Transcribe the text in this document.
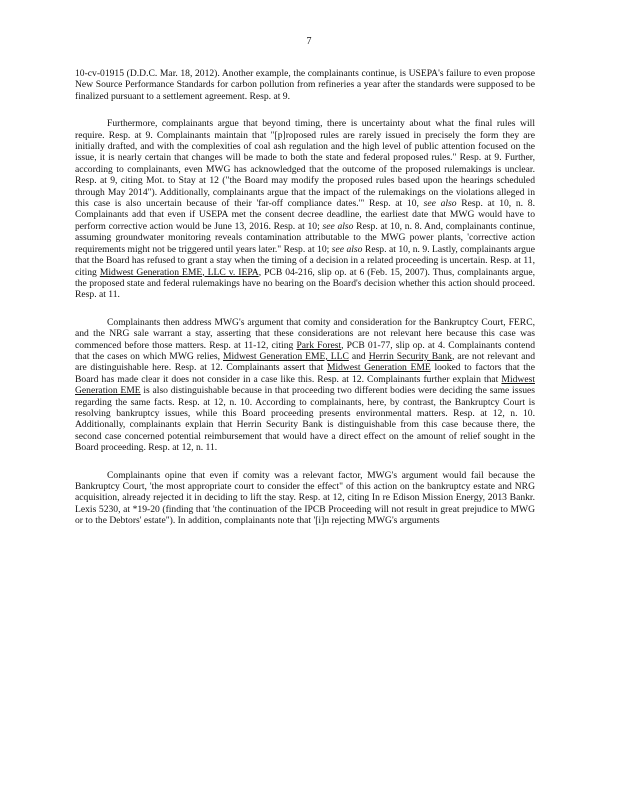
7

10-cv-01915 (D.D.C. Mar. 18, 2012). Another example, the complainants continue, is USEPA's failure to even propose New Source Performance Standards for carbon pollution from refineries a year after the standards were supposed to be finalized pursuant to a settlement agreement. Resp. at 9.

Furthermore, complainants argue that beyond timing, there is uncertainty about what the final rules will require. Resp. at 9. Complainants maintain that "[p]roposed rules are rarely issued in precisely the form they are initially drafted, and with the complexities of coal ash regulation and the high level of public attention focused on the issue, it is nearly certain that changes will be made to both the state and federal proposed rules." Resp. at 9. Further, according to complainants, even MWG has acknowledged that the outcome of the proposed rulemakings is unclear. Resp. at 9, citing Mot. to Stay at 12 ("the Board may modify the proposed rules based upon the hearings scheduled through May 2014"). Additionally, complainants argue that the impact of the rulemakings on the violations alleged in this case is also uncertain because of their 'far-off compliance dates.'" Resp. at 10, see also Resp. at 10, n. 8. Complainants add that even if USEPA met the consent decree deadline, the earliest date that MWG would have to perform corrective action would be June 13, 2016. Resp. at 10; see also Resp. at 10, n. 8. And, complainants continue, assuming groundwater monitoring reveals contamination attributable to the MWG power plants, 'corrective action requirements might not be triggered until years later." Resp. at 10; see also Resp. at 10, n. 9. Lastly, complainants argue that the Board has refused to grant a stay when the timing of a decision in a related proceeding is uncertain. Resp. at 11, citing Midwest Generation EME, LLC v. IEPA, PCB 04-216, slip op. at 6 (Feb. 15, 2007). Thus, complainants argue, the proposed state and federal rulemakings have no bearing on the Board's decision whether this action should proceed. Resp. at 11.

Complainants then address MWG's argument that comity and consideration for the Bankruptcy Court, FERC, and the NRG sale warrant a stay, asserting that these considerations are not relevant here because this case was commenced before those matters. Resp. at 11-12, citing Park Forest, PCB 01-77, slip op. at 4. Complainants contend that the cases on which MWG relies, Midwest Generation EME, LLC and Herrin Security Bank, are not relevant and are distinguishable here. Resp. at 12. Complainants assert that Midwest Generation EME looked to factors that the Board has made clear it does not consider in a case like this. Resp. at 12. Complainants further explain that Midwest Generation EME is also distinguishable because in that proceeding two different bodies were deciding the same issues regarding the same facts. Resp. at 12, n. 10. According to complainants, here, by contrast, the Bankruptcy Court is resolving bankruptcy issues, while this Board proceeding presents environmental matters. Resp. at 12, n. 10. Additionally, complainants explain that Herrin Security Bank is distinguishable from this case because there, the second case concerned potential reimbursement that would have a direct effect on the amount of relief sought in the Board proceeding. Resp. at 12, n. 11.

Complainants opine that even if comity was a relevant factor, MWG's argument would fail because the Bankruptcy Court, 'the most appropriate court to consider the effect" of this action on the bankruptcy estate and NRG acquisition, already rejected it in deciding to lift the stay. Resp. at 12, citing In re Edison Mission Energy, 2013 Bankr. Lexis 5230, at *19-20 (finding that 'the continuation of the IPCB Proceeding will not result in great prejudice to MWG or to the Debtors' estate"). In addition, complainants note that '[i]n rejecting MWG's arguments
